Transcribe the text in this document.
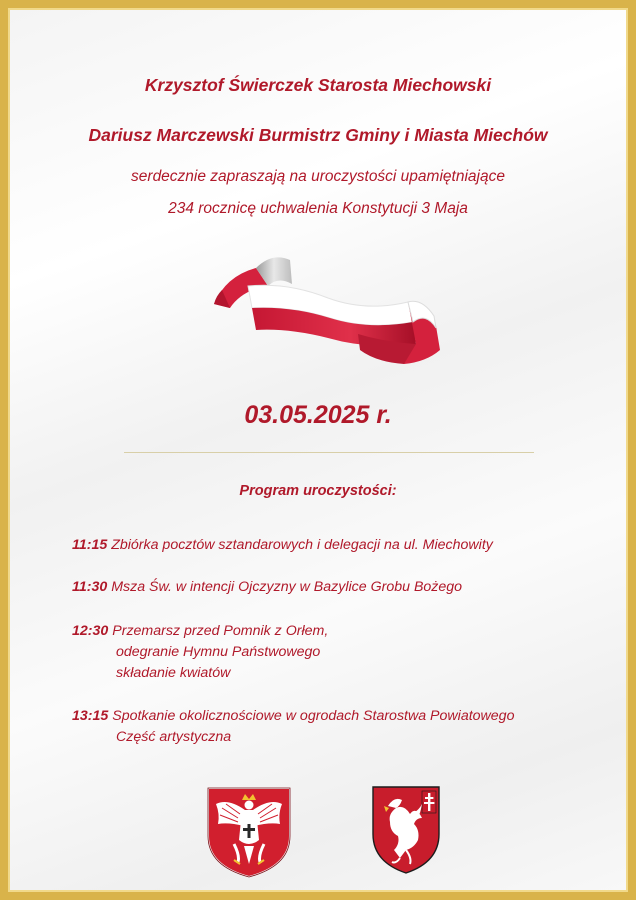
Krzysztof Świerczek Starosta Miechowski
Dariusz Marczewski Burmistrz Gminy i Miasta Miechów
serdecznie zapraszają na uroczystości upamiętniające
234 rocznicę uchwalenia Konstytucji 3 Maja
03.05.2025 r.
Program uroczystości:
11:15 Zbiórka pocztów sztandarowych i delegacji na ul. Miechowity
11:30 Msza Św. w intencji Ojczyzny w Bazylice Grobu Bożego
12:30 Przemarsz przed Pomnik z Orłem,
odegranie Hymnu Państwowego
składanie kwiatów
13:15 Spotkanie okolicznościowe w ogrodach Starostwa Powiatowego
Część artystyczna
